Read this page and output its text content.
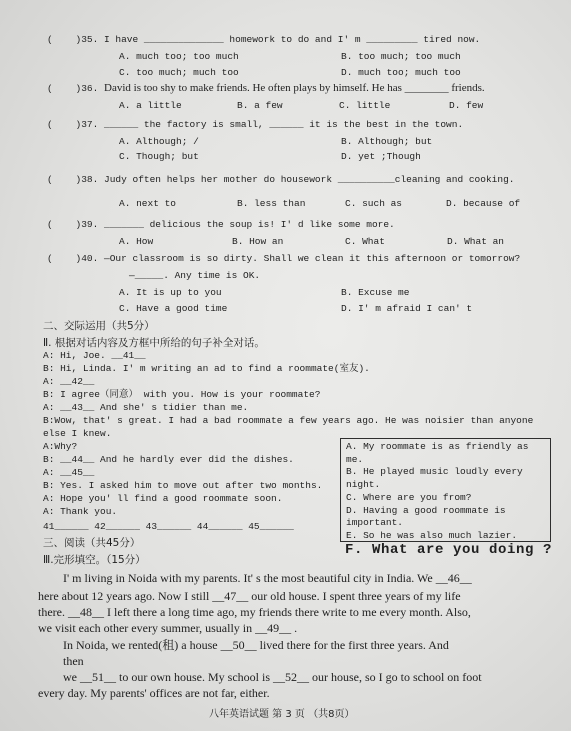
(    )35. I have ______________ homework to do and I' m _________ tired now.
A. much too; too much	B. too much; too much
C. too much; much too	D. much too; much too
(    )36. David is too shy to make friends. He often plays by himself. He has ________ friends.
A. a little	B. a few	C. little	D. few
(    )37. ______ the factory is small, ______ it is the best in the town.
A. Although; /	B. Although; but
C. Though; but	D. yet ;Though
(    )38. Judy often helps her mother do housework __________cleaning and cooking.
A. next to	B. less than	C. such as	D. because of
(    )39. _______ delicious the soup is! I' d like some more.
A. How	B. How an	C. What	D. What an
(    )40. —Our classroom is so dirty. Shall we clean it this afternoon or tomorrow?
—_____. Any time is OK.
A. It is up to you	B. Excuse me
C. Have a good time	D. I' m afraid I can' t
二、交际运用（共5分）
Ⅱ. 根据对话内容及方框中所给的句子补全对话。
A: Hi, Joe. __41__
B: Hi, Linda. I' m writing an ad to find a roommate(室友).
A: __42__
B: I agree（同意） with you. How is your roommate?
A: __43__ And she' s tidier than me.
B:Wow, that' s great. I had a bad roommate a few years ago. He was noisier than anyone
else I knew.
A:Why?
B: __44__ And he hardly ever did the dishes.
A: __45__
B: Yes. I asked him to move out after two months.
A: Hope you' ll find a good roommate soon.
A: Thank you.
41______ 42______ 43______ 44______ 45______
A. My roommate is as friendly as me.
B. He played music loudly every night.
C. Where are you from?
D. Having a good roommate is important.
E. So he was also much lazier.
F. What are you doing ?
三、阅读（共45分）
Ⅲ.完形填空。（15分）
I' m living in Noida with my parents. It' s the most beautiful city in India. We __46__
here about 12 years ago. Now I still __47__ our old house. I spent three years of my life
there. __48__ I left there a long time ago, my friends there write to me every month. Also,
we visit each other every summer, usually in __49__ .
In Noida, we rented(租) a house __50__ lived there for the first three years. And
then
we __51__ to our own house. My school is __52__ our house, so I go to school on foot
every day. My parents' offices are not far, either.
八年英语试题 第 3 页 （共8页）
